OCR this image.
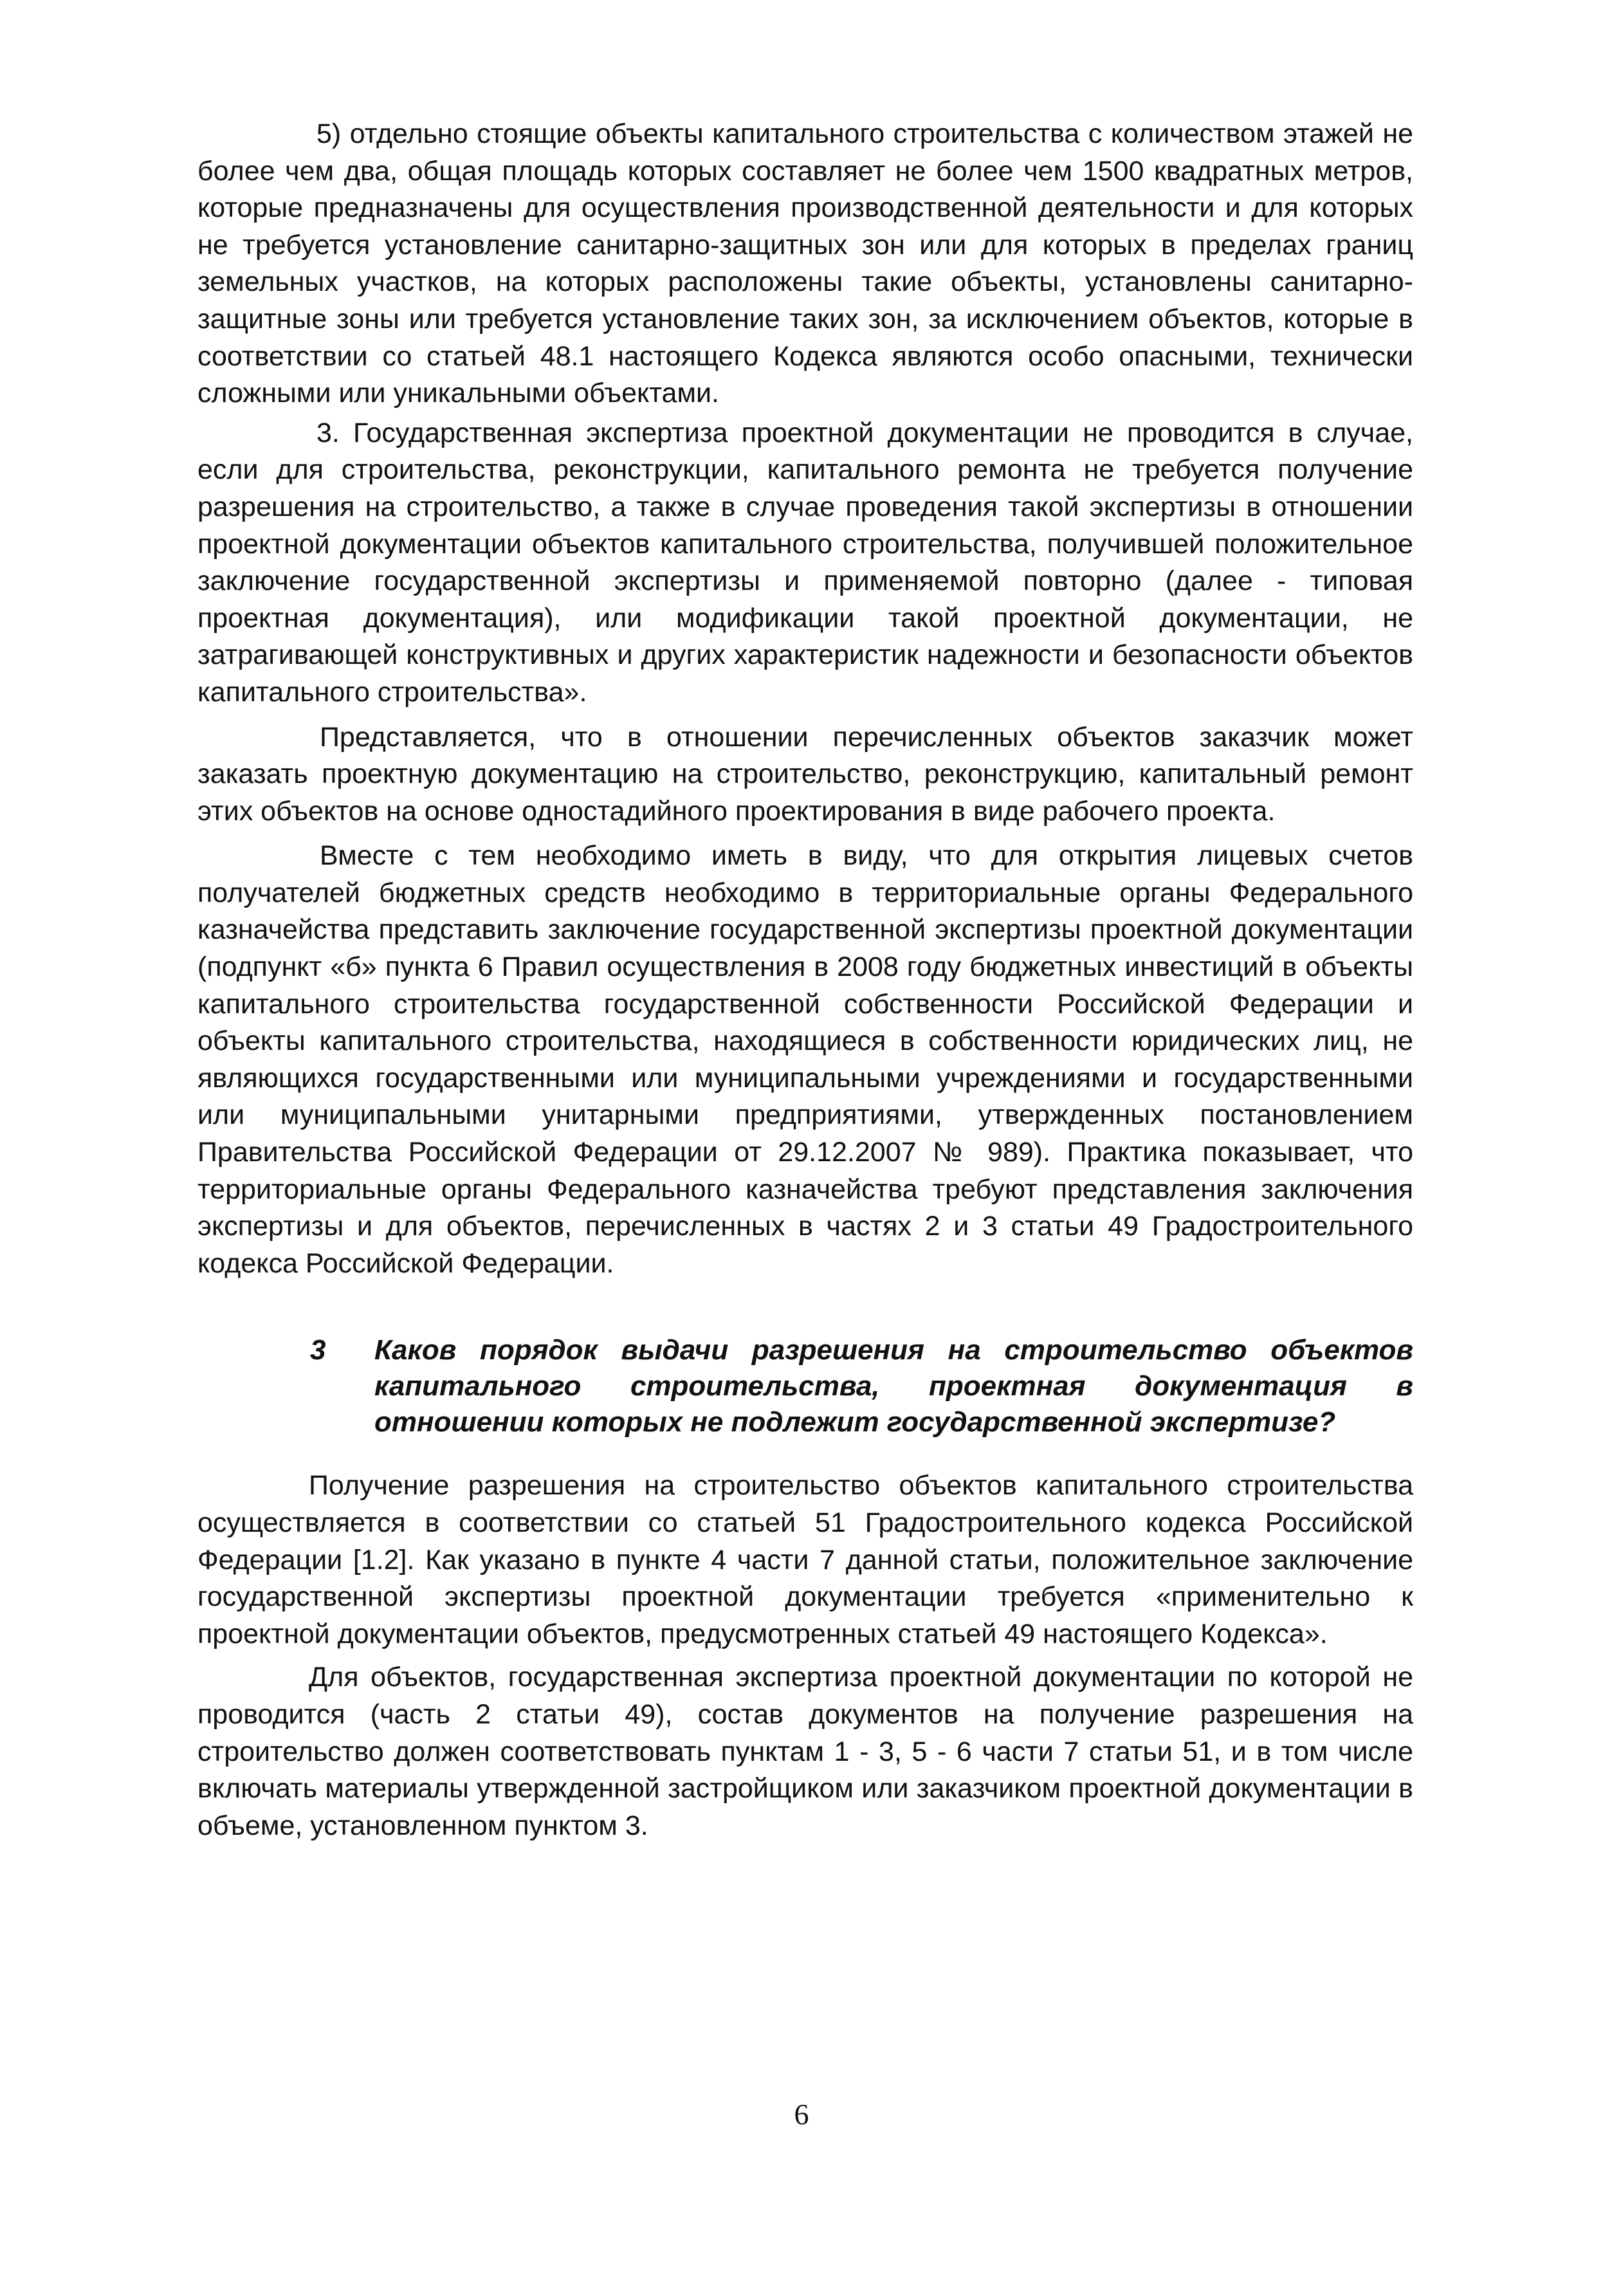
5) отдельно стоящие объекты капитального строительства с количеством этажей не более чем два, общая площадь которых составляет не более чем 1500 квадратных метров, которые предназначены для осуществления производственной деятельности и для которых не требуется установление санитарно-защитных зон или для которых в пределах границ земельных участков, на которых расположены такие объекты, установлены санитарно-защитные зоны или требуется установление таких зон, за исключением объектов, которые в соответствии со статьей 48.1 настоящего Кодекса являются особо опасными, технически сложными или уникальными объектами.

3. Государственная экспертиза проектной документации не проводится в случае, если для строительства, реконструкции, капитального ремонта не требуется получение разрешения на строительство, а также в случае проведения такой экспертизы в отношении проектной документации объектов капитального строительства, получившей положительное заключение государственной экспертизы и применяемой повторно (далее - типовая проектная документация), или модификации такой проектной документации, не затрагивающей конструктивных и других характеристик надежности и безопасности объектов капитального строительства».

Представляется, что в отношении перечисленных объектов заказчик может заказать проектную документацию на строительство, реконструкцию, капитальный ремонт этих объектов на основе одностадийного проектирования в виде рабочего проекта.

Вместе с тем необходимо иметь в виду, что для открытия лицевых счетов получателей бюджетных средств необходимо в территориальные органы Федерального казначейства представить заключение государственной экспертизы проектной документации (подпункт «б» пункта 6 Правил осуществления в 2008 году бюджетных инвестиций в объекты капитального строительства государственной собственности Российской Федерации и объекты капитального строительства, находящиеся в собственности юридических лиц, не являющихся государственными или муниципальными учреждениями и государственными или муниципальными унитарными предприятиями, утвержденных постановлением Правительства Российской Федерации от 29.12.2007 № 989). Практика показывает, что территориальные органы Федерального казначейства требуют представления заключения экспертизы и для объектов, перечисленных в частях 2 и 3 статьи 49 Градостроительного кодекса Российской Федерации.

3	Каков порядок выдачи разрешения на строительство объектов капитального строительства, проектная документация в отношении которых не подлежит государственной экспертизе?

Получение разрешения на строительство объектов капитального строительства осуществляется в соответствии со статьей 51 Градостроительного кодекса Российской Федерации [1.2]. Как указано в пункте 4 части 7 данной статьи, положительное заключение государственной экспертизы проектной документации требуется «применительно к проектной документации объектов, предусмотренных статьей 49 настоящего Кодекса».

Для объектов, государственная экспертиза проектной документации по которой не проводится (часть 2 статьи 49), состав документов на получение разрешения на строительство должен соответствовать пунктам 1 - 3, 5 - 6 части 7 статьи 51, и в том числе включать материалы утвержденной застройщиком или заказчиком проектной документации в объеме, установленном пунктом 3.

6
